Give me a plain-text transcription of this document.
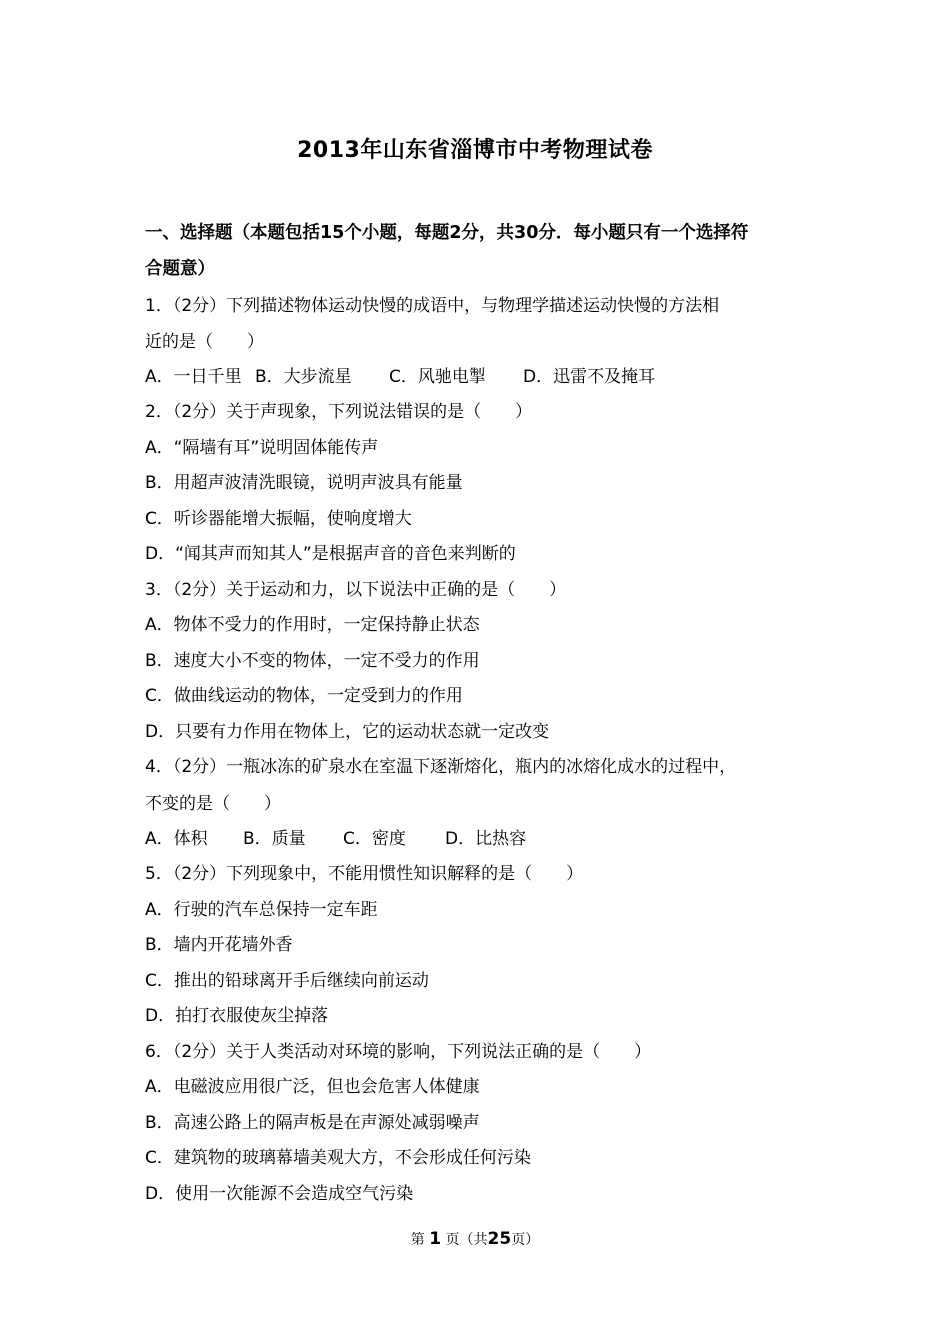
2013年山东省淄博市中考物理试卷
一、选择题（本题包括15个小题，每题2分，共30分．每小题只有一个选择符
合题意）
1．（2分）下列描述物体运动快慢的成语中，与物理学描述运动快慢的方法相
近的是（　　）
A．一日千里 B．大步流星 C．风驰电掣 D．迅雷不及掩耳
2．（2分）关于声现象，下列说法错误的是（　　）
A．“隔墙有耳”说明固体能传声
B．用超声波清洗眼镜，说明声波具有能量
C．听诊器能增大振幅，使响度增大
D．“闻其声而知其人”是根据声音的音色来判断的
3．（2分）关于运动和力，以下说法中正确的是（　　）
A．物体不受力的作用时，一定保持静止状态
B．速度大小不变的物体，一定不受力的作用
C．做曲线运动的物体，一定受到力的作用
D．只要有力作用在物体上，它的运动状态就一定改变
4．（2分）一瓶冰冻的矿泉水在室温下逐渐熔化，瓶内的冰熔化成水的过程中，
不变的是（　　）
A．体积 B．质量 C．密度 D．比热容
5．（2分）下列现象中，不能用惯性知识解释的是（　　）
A．行驶的汽车总保持一定车距
B．墙内开花墙外香
C．推出的铅球离开手后继续向前运动
D．拍打衣服使灰尘掉落
6．（2分）关于人类活动对环境的影响，下列说法正确的是（　　）
A．电磁波应用很广泛，但也会危害人体健康
B．高速公路上的隔声板是在声源处减弱噪声
C．建筑物的玻璃幕墙美观大方，不会形成任何污染
D．使用一次能源不会造成空气污染
第 1 页（共25页）
